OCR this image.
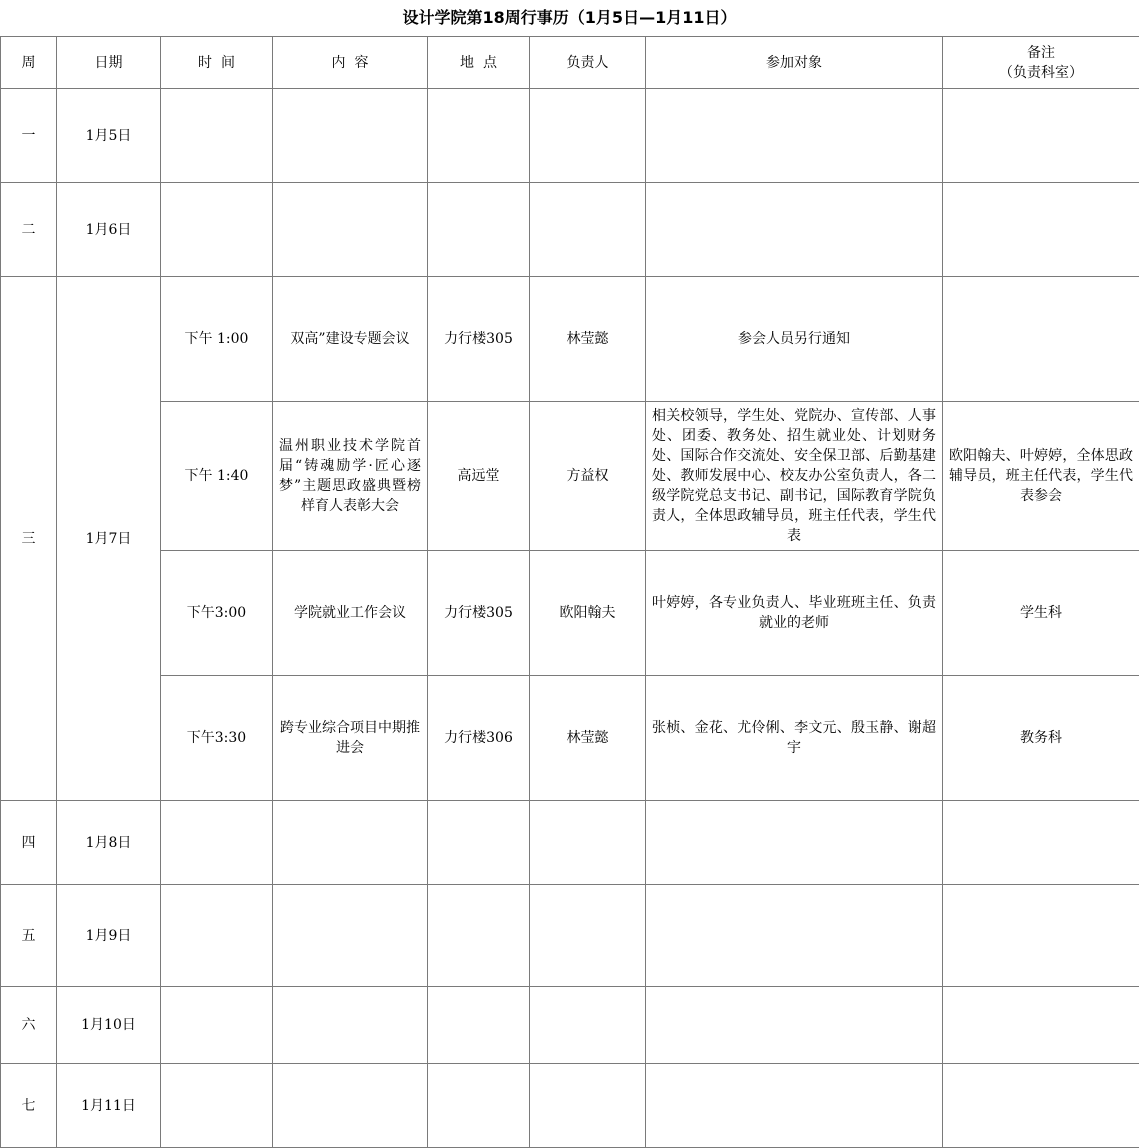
设计学院第18周行事历（1月5日—1月11日）
周	日期	时  间	内  容	地  点	负责人	参加对象	备注
（负责科室）

一	1月5日						
二	1月6日						
三	1月7日	下午 1:00	双高”建设专题会议	力行楼305	林莹懿	参会人员另行通知	
		下午 1:40	温州职业技术学院首届“铸魂励学·匠心逐梦”主题思政盛典暨榜样育人表彰大会	高远堂	方益权	相关校领导，学生处、党院办、宣传部、人事处、团委、教务处、招生就业处、计划财务处、国际合作交流处、安全保卫部、后勤基建处、教师发展中心、校友办公室负责人，各二级学院党总支书记、副书记，国际教育学院负责人，全体思政辅导员，班主任代表，学生代表	欧阳翰夫、叶婷婷，全体思政辅导员，班主任代表，学生代表参会
		下午3:00	学院就业工作会议	力行楼305	欧阳翰夫	叶婷婷，各专业负责人、毕业班班主任、负责就业的老师	学生科
		下午3:30	跨专业综合项目中期推进会	力行楼306	林莹懿	张桢、金花、尤伶俐、李文元、殷玉静、谢超宇	教务科
四	1月8日						
五	1月9日						
六	1月10日						
七	1月11日						
